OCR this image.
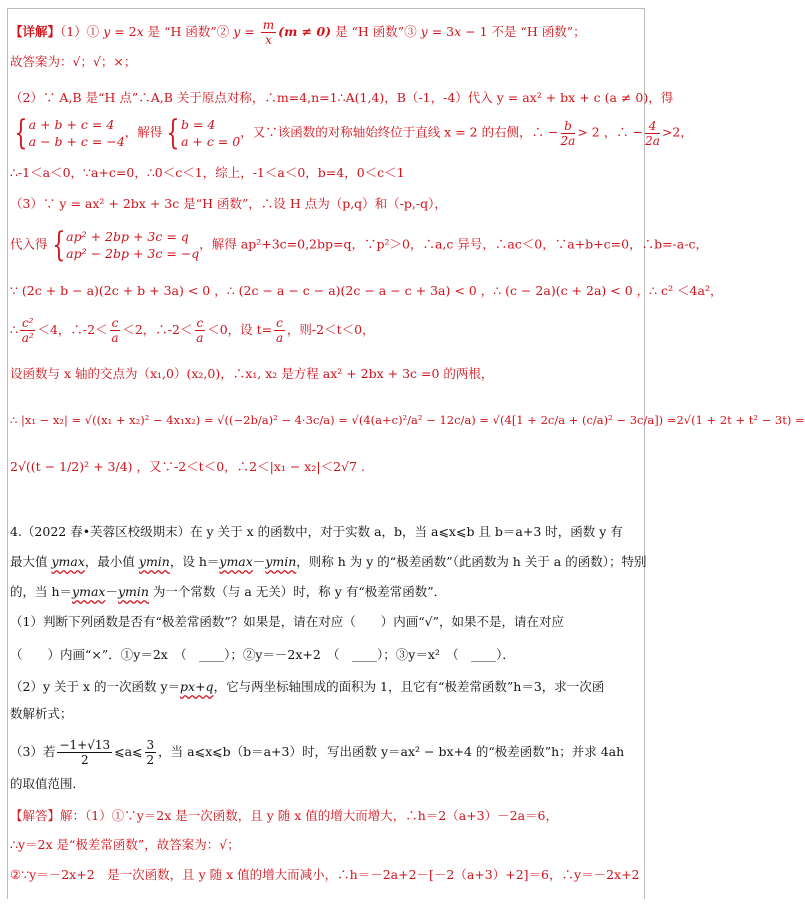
【详解】（1）① y = 2x 是 “H 函数”② $y = \frac{m}{x} (m \ne 0)$ 是 “H 函数”③ y = 3x − 1 不是 “H 函数”；
故答案为：√；√；×；
（2）∵ A,B 是“H 点”∴A,B 关于原点对称，∴m=4,n=1∴A(1,4)，B（-1，-4）代入 y = ax² + bx + c (a ≠ 0)，得
{a + b + c = 4
a − b + c = −4，解得 {b = 4
a + c = 0，又∵该函数的对称轴始终位于直线 x = 2 的右侧，∴ − $\frac{b}{2a} > 2$ ，∴ − $\frac{4}{2a} >2$，
∴-1＜a＜0，∵a+c=0，∴0＜c＜1，综上，-1＜a＜0，b=4，0＜c＜1
（3）∵ y = ax² + 2bx + 3c 是“H 函数”，∴设 H 点为（p,q）和（-p,-q），
代入得 {ap² + 2bp + 3c = q
ap² − 2bp + 3c = −q，解得 ap²+3c=0,2bp=q，∵p²＞0，∴a,c 异号，∴ac＜0，∵a+b+c=0，∴b=-a-c，
∵ (2c + b − a)(2c + b + 3a) < 0 ，∴ (2c − a − c − a)(2c − a − c + 3a) < 0 ，∴ (c − 2a)(c + 2a) < 0 ，∴ c² ＜4a²，
∴ $\frac{\text{c²}}{\text{a²}} <4$，∴-2＜ $\frac{c}{a} <2$，∴-2＜ $\frac{c}{a} <0$，设 $t= \frac{c}{a}$ ，则-2＜t＜0，
设函数与 x 轴的交点为（x₁,0）(x₂,0)，∴x₁, x₂ 是方程 ax² + 2bx + 3c =0 的两根，
∴ |x₁ − x₂| = √((x₁ + x₂)² − 4x₁x₂) = √((−2b/a)² − 4·3c/a) = √(4(a+c)²/a² − 12c/a) = √(4[1 + 2c/a + (c/a)² − 3c/a]) =2√(1 + 2t + t² − 3t) =
2√((t − 1/2)² + 3/4) ，又∵-2＜t＜0，∴2＜|x₁ − x₂|＜2√7 .
4.（2022 春•芙蓉区校级期末）在 y 关于 x 的函数中，对于实数 a，b，当 a⩽x⩽b 且 b＝a+3 时，函数 y 有
最大值 ymax，最小值 ymin，设 h＝ymax－ymin，则称 h 为 y 的“极差函数”（此函数为 h 关于 a 的函数）；特别
的，当 h＝ymax－ymin 为一个常数（与 a 无关）时，称 y 有“极差常函数”．
（1）判断下列函数是否有“极差常函数”？如果是，请在对应（　　）内画“√”，如果不是，请在对应
（　　）内画“×”．①y＝2x　（　____）；②y＝－2x+2　（　____）；③y＝x²　（　____）．
（2）y 关于 x 的一次函数 y＝px+q，它与两坐标轴围成的面积为 1，且它有“极差常函数”h＝3，求一次函
数解析式；
（3）若 $\frac{-1+√13}{2}$ ⩽a⩽ $\frac{3}{2}$ ，当 a⩽x⩽b（b＝a+3）时，写出函数 y＝ax² − bx+4 的“极差函数”h；并求 4ah
的取值范围．
【解答】解：（1）①∵y＝2x 是一次函数，且 y 随 x 值的增大而增大，∴h＝2（a+3）－2a＝6，
∴y＝2x 是“极差常函数”，故答案为：√；
②∵y＝－2x+2　是一次函数，且 y 随 x 值的增大而减小，∴h＝－2a+2－[－2（a+3）+2]＝6，∴y＝－2x+2
